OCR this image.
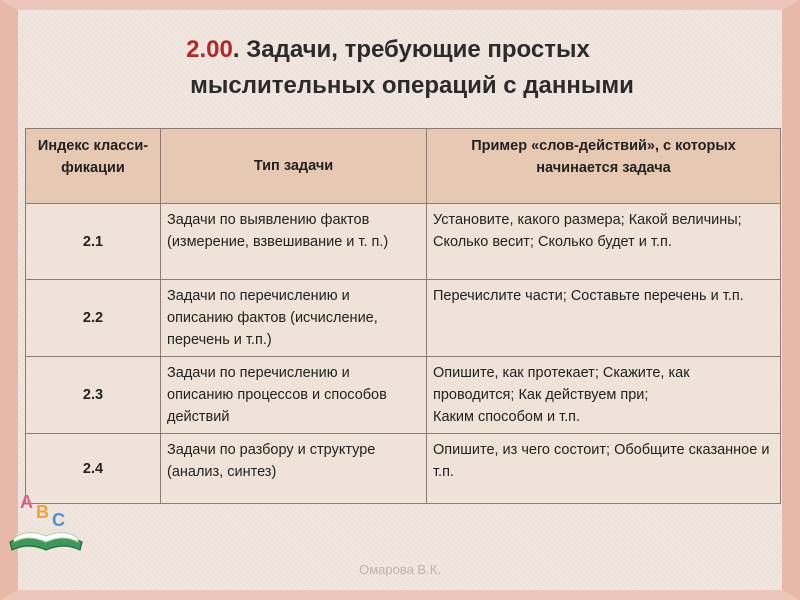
2.00. Задачи, требующие простых
мыслительных операций с данными
Индекс класси-фикации	Тип задачи	Пример «слов-действий», с которых начинается задача
2.1	Задачи по выявлению фактов (измерение, взвешивание и т. п.)	Установите, какого размера; Какой величины; Сколько весит; Сколько будет и т.п.
2.2	Задачи по перечислению и описанию фактов (исчисление, перечень и т.п.)	Перечислите части; Составьте перечень и т.п.
2.3	Задачи по перечислению и описанию процессов и способов действий	Опишите, как протекает; Скажите, как проводится; Как действуем при;
Каким способом и т.п.

2.4	Задачи по разбору и структуре (анализ, синтез)	Опишите, из чего состоит; Обобщите сказанное и т.п.
A B C
Омарова В.К.
